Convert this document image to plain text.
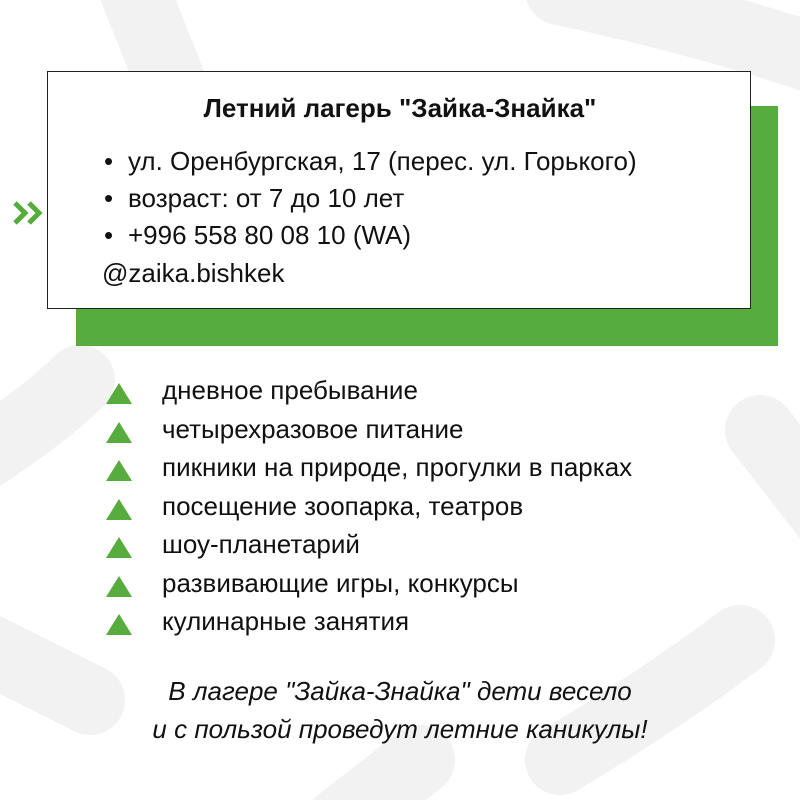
Летний лагерь "Зайка-Знайка"
• ул. Оренбургская, 17 (перес. ул. Горького)
• возраст: от 7 до 10 лет
• +996 558 80 08 10 (WA)
@zaika.bishkek
дневное пребывание
четырехразовое питание
пикники на природе, прогулки в парках
посещение зоопарка, театров
шоу-планетарий
развивающие игры, конкурсы
кулинарные занятия
В лагере "Зайка-Знайка" дети весело
и с пользой проведут летние каникулы!
